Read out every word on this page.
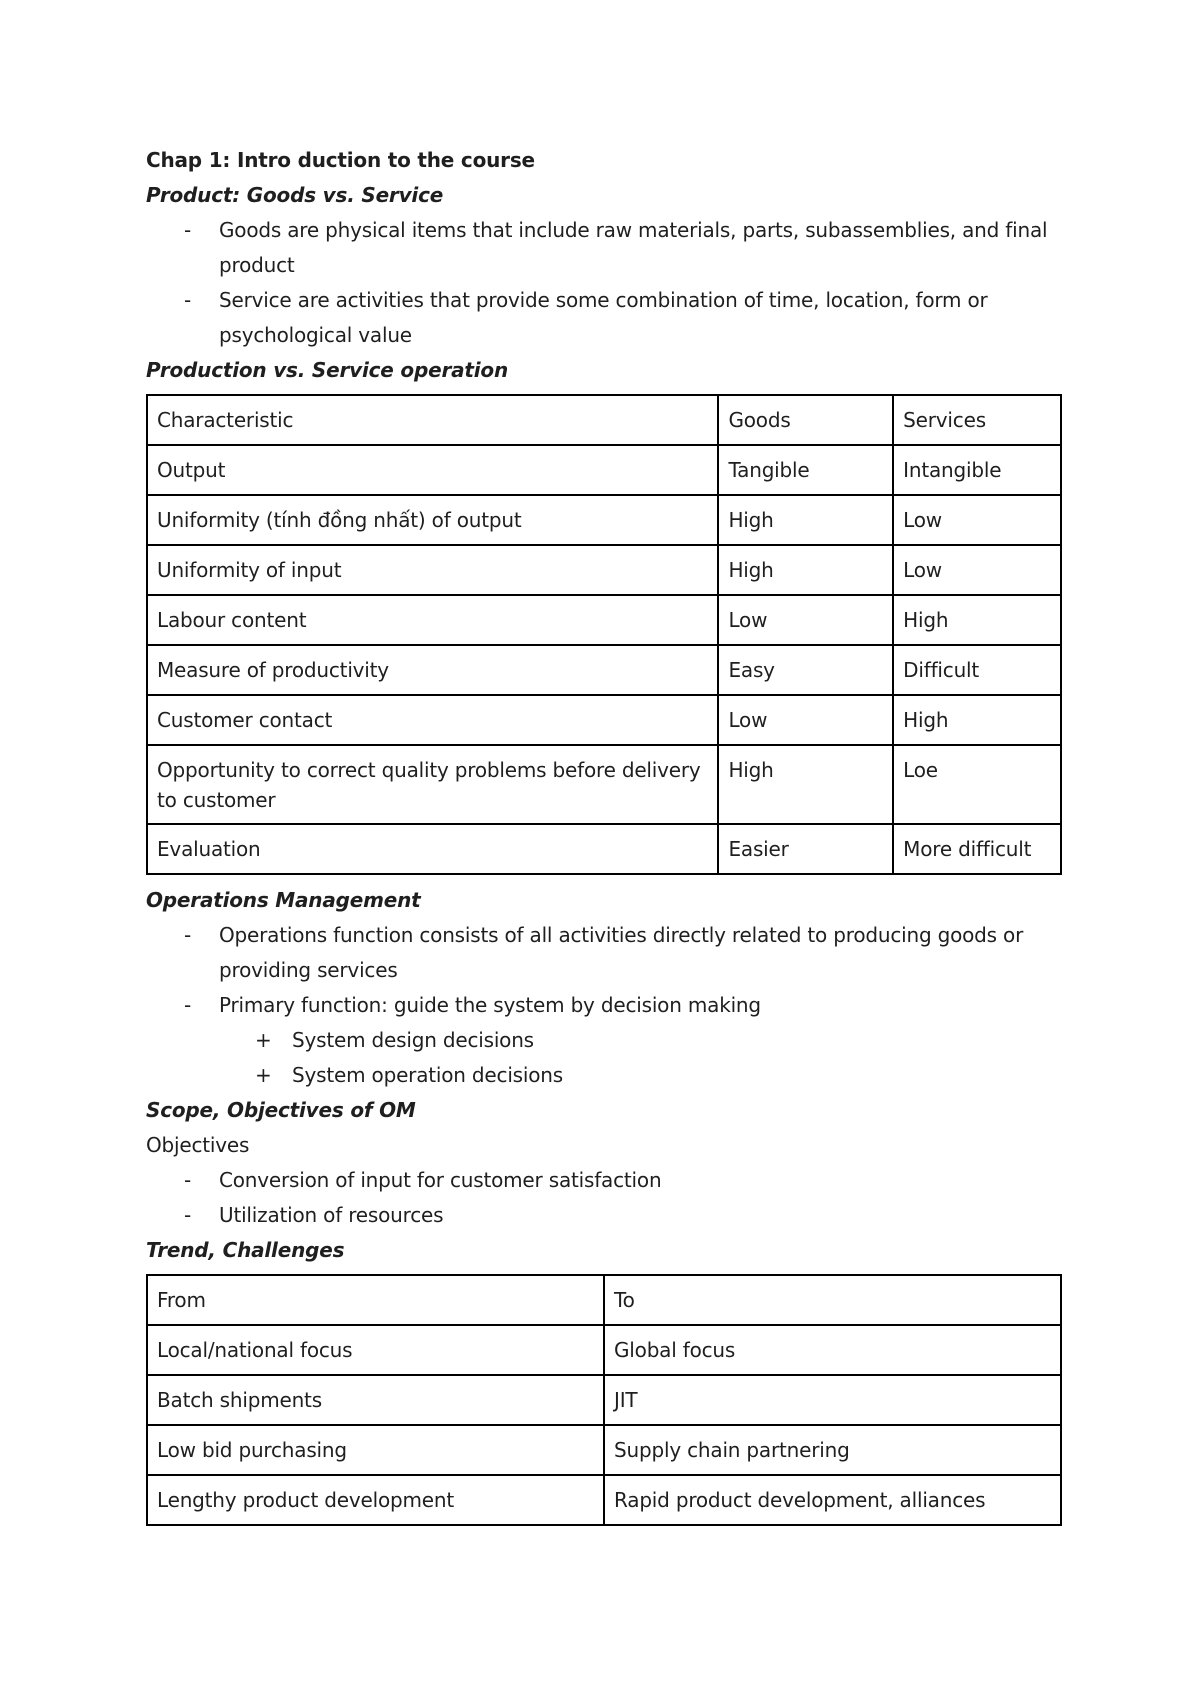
Chap 1: Intro duction to the course
Product: Goods vs. Service
- Goods are physical items that include raw materials, parts, subassemblies, and final product
- Service are activities that provide some combination of time, location, form or psychological value
Production vs. Service operation
Characteristic	Goods	Services
Output	Tangible	Intangible
Uniformity (tính đồng nhất) of output	High	Low
Uniformity of input	High	Low
Labour content	Low	High
Measure of productivity	Easy	Difficult
Customer contact	Low	High
Opportunity to correct quality problems before delivery to customer	High	Loe
Evaluation	Easier	More difficult
Operations Management
- Operations function consists of all activities directly related to producing goods or providing services
- Primary function: guide the system by decision making
+ System design decisions
+ System operation decisions
Scope, Objectives of OM
Objectives
- Conversion of input for customer satisfaction
- Utilization of resources
Trend, Challenges
From	To
Local/national focus	Global focus
Batch shipments	JIT
Low bid purchasing	Supply chain partnering
Lengthy product development	Rapid product development, alliances
